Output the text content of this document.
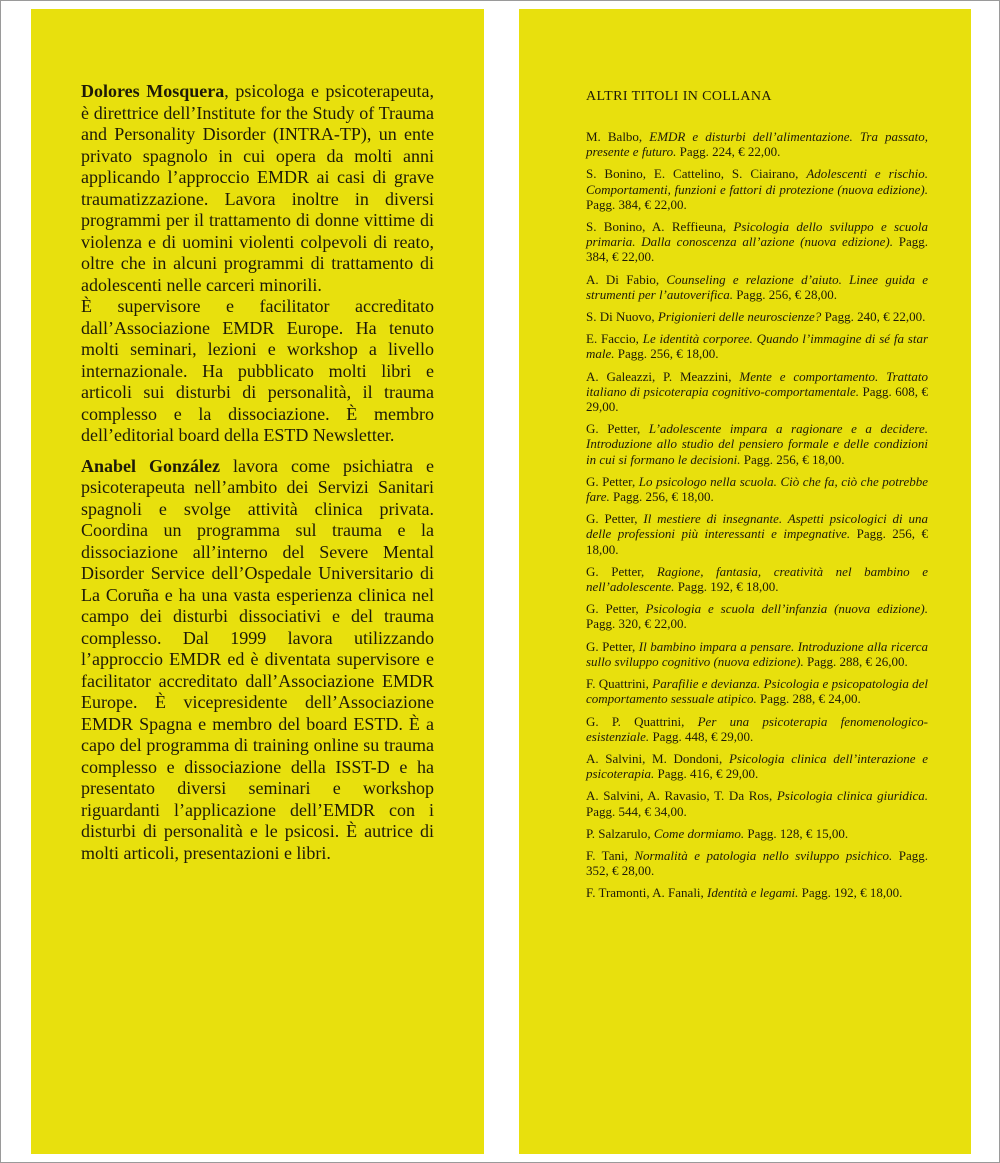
Dolores Mosquera, psicologa e psicoterapeuta, è direttrice dell’Institute for the Study of Trauma and Personality Disorder (INTRA-TP), un ente privato spagnolo in cui opera da molti anni applicando l’approccio EMDR ai casi di grave traumatizzazione. Lavora inoltre in diversi programmi per il trattamento di donne vittime di violenza e di uomini violenti colpevoli di reato, oltre che in alcuni programmi di trattamento di adolescenti nelle carceri minorili.

È supervisore e facilitator accreditato dall’Associazione EMDR Europe. Ha tenuto molti seminari, lezioni e workshop a livello internazionale. Ha pubblicato molti libri e articoli sui disturbi di personalità, il trauma complesso e la dissociazione. È membro dell’editorial board della ESTD Newsletter.

Anabel González lavora come psichiatra e psicoterapeuta nell’ambito dei Servizi Sanitari spagnoli e svolge attività clinica privata. Coordina un programma sul trauma e la dissociazione all’interno del Severe Mental Disorder Service dell’Ospedale Universitario di La Coruña e ha una vasta esperienza clinica nel campo dei disturbi dissociativi e del trauma complesso. Dal 1999 lavora utilizzando l’approccio EMDR ed è diventata supervisore e facilitator accreditato dall’Associazione EMDR Europe. È vicepresidente dell’Associazione EMDR Spagna e membro del board ESTD. È a capo del programma di training online su trauma complesso e dissociazione della ISST-D e ha presentato diversi seminari e workshop riguardanti l’applicazione dell’EMDR con i disturbi di personalità e le psicosi. È autrice di molti articoli, presentazioni e libri.

ALTRI TITOLI IN COLLANA

M. Balbo, EMDR e disturbi dell’alimentazione. Tra passato, presente e futuro. Pagg. 224, € 22,00.

S. Bonino, E. Cattelino, S. Ciairano, Adolescenti e rischio. Comportamenti, funzioni e fattori di protezione (nuova edizione). Pagg. 384, € 22,00.

S. Bonino, A. Reffieuna, Psicologia dello sviluppo e scuola primaria. Dalla conoscenza all’azione (nuova edizione). Pagg. 384, € 22,00.

A. Di Fabio, Counseling e relazione d’aiuto. Linee guida e strumenti per l’autoverifica. Pagg. 256, € 28,00.

S. Di Nuovo, Prigionieri delle neuroscienze? Pagg. 240, € 22,00.

E. Faccio, Le identità corporee. Quando l’immagine di sé fa star male. Pagg. 256, € 18,00.

A. Galeazzi, P. Meazzini, Mente e comportamento. Trattato italiano di psicoterapia cognitivo-comportamentale. Pagg. 608, € 29,00.

G. Petter, L’adolescente impara a ragionare e a decidere. Introduzione allo studio del pensiero formale e delle condizioni in cui si formano le decisioni. Pagg. 256, € 18,00.

G. Petter, Lo psicologo nella scuola. Ciò che fa, ciò che potrebbe fare. Pagg. 256, € 18,00.

G. Petter, Il mestiere di insegnante. Aspetti psicologici di una delle professioni più interessanti e impegnative. Pagg. 256, € 18,00.

G. Petter, Ragione, fantasia, creatività nel bambino e nell’adolescente. Pagg. 192, € 18,00.

G. Petter, Psicologia e scuola dell’infanzia (nuova edizione). Pagg. 320, € 22,00.

G. Petter, Il bambino impara a pensare. Introduzione alla ricerca sullo sviluppo cognitivo (nuova edizione). Pagg. 288, € 26,00.

F. Quattrini, Parafilie e devianza. Psicologia e psicopatologia del comportamento sessuale atipico. Pagg. 288, € 24,00.

G. P. Quattrini, Per una psicoterapia fenomenologico-esistenziale. Pagg. 448, € 29,00.

A. Salvini, M. Dondoni, Psicologia clinica dell’interazione e psicoterapia. Pagg. 416, € 29,00.

A. Salvini, A. Ravasio, T. Da Ros, Psicologia clinica giuridica. Pagg. 544, € 34,00.

P. Salzarulo, Come dormiamo. Pagg. 128, € 15,00.

F. Tani, Normalità e patologia nello sviluppo psichico. Pagg. 352, € 28,00.

F. Tramonti, A. Fanali, Identità e legami. Pagg. 192, € 18,00.
